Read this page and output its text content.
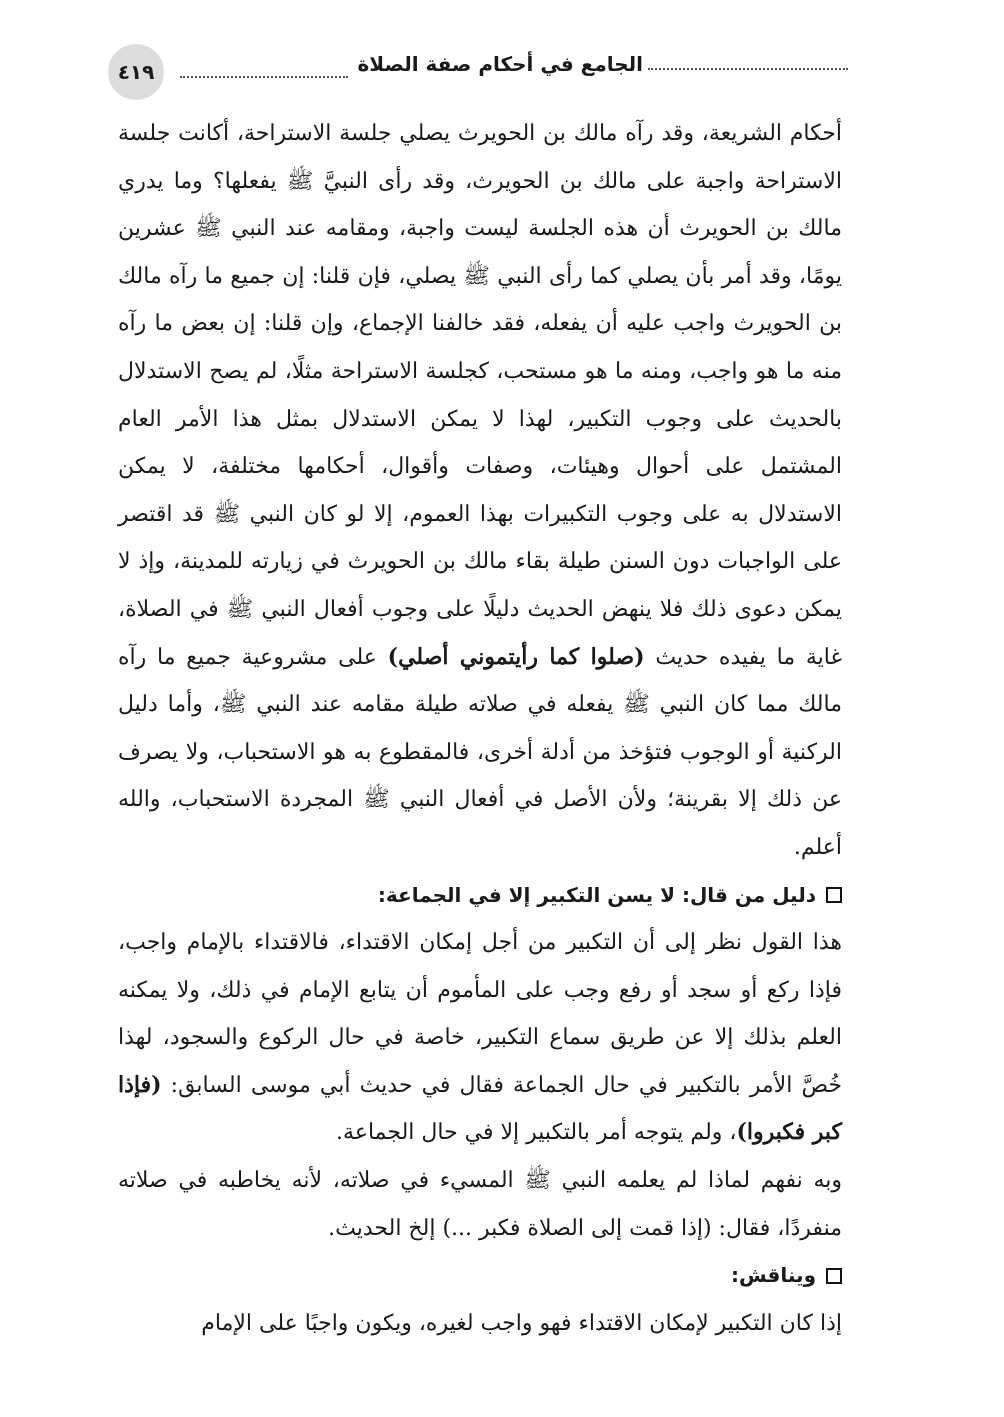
الجامع في أحكام صفة الصلاة
٤١٩

أحكام الشريعة، وقد رآه مالك بن الحويرث يصلي جلسة الاستراحة، أكانت جلسة الاستراحة واجبة على مالك بن الحويرث، وقد رأى النبيَّ ﷺ يفعلها؟ وما يدري مالك بن الحويرث أن هذه الجلسة ليست واجبة، ومقامه عند النبي ﷺ عشرين يومًا، وقد أمر بأن يصلي كما رأى النبي ﷺ يصلي، فإن قلنا: إن جميع ما رآه مالك بن الحويرث واجب عليه أن يفعله، فقد خالفنا الإجماع، وإن قلنا: إن بعض ما رآه منه ما هو واجب، ومنه ما هو مستحب، كجلسة الاستراحة مثلًا، لم يصح الاستدلال بالحديث على وجوب التكبير، لهذا لا يمكن الاستدلال بمثل هذا الأمر العام المشتمل على أحوال وهيئات، وصفات وأقوال، أحكامها مختلفة، لا يمكن الاستدلال به على وجوب التكبيرات بهذا العموم، إلا لو كان النبي ﷺ قد اقتصر على الواجبات دون السنن طيلة بقاء مالك بن الحويرث في زيارته للمدينة، وإذ لا يمكن دعوى ذلك فلا ينهض الحديث دليلًا على وجوب أفعال النبي ﷺ في الصلاة، غاية ما يفيده حديث (صلوا كما رأيتموني أصلي) على مشروعية جميع ما رآه مالك مما كان النبي ﷺ يفعله في صلاته طيلة مقامه عند النبي ﷺ، وأما دليل الركنية أو الوجوب فتؤخذ من أدلة أخرى، فالمقطوع به هو الاستحباب، ولا يصرف عن ذلك إلا بقرينة؛ ولأن الأصل في أفعال النبي ﷺ المجردة الاستحباب، والله أعلم.

دليل من قال: لا يسن التكبير إلا في الجماعة:

هذا القول نظر إلى أن التكبير من أجل إمكان الاقتداء، فالاقتداء بالإمام واجب، فإذا ركع أو سجد أو رفع وجب على المأموم أن يتابع الإمام في ذلك، ولا يمكنه العلم بذلك إلا عن طريق سماع التكبير، خاصة في حال الركوع والسجود، لهذا خُصَّ الأمر بالتكبير في حال الجماعة فقال في حديث أبي موسى السابق: (فإذا كبر فكبروا)، ولم يتوجه أمر بالتكبير إلا في حال الجماعة.

وبه نفهم لماذا لم يعلمه النبي ﷺ المسيء في صلاته، لأنه يخاطبه في صلاته منفردًا، فقال: (إذا قمت إلى الصلاة فكبر ...) إلخ الحديث.

ويناقش:

إذا كان التكبير لإمكان الاقتداء فهو واجب لغيره، ويكون واجبًا على الإمام
